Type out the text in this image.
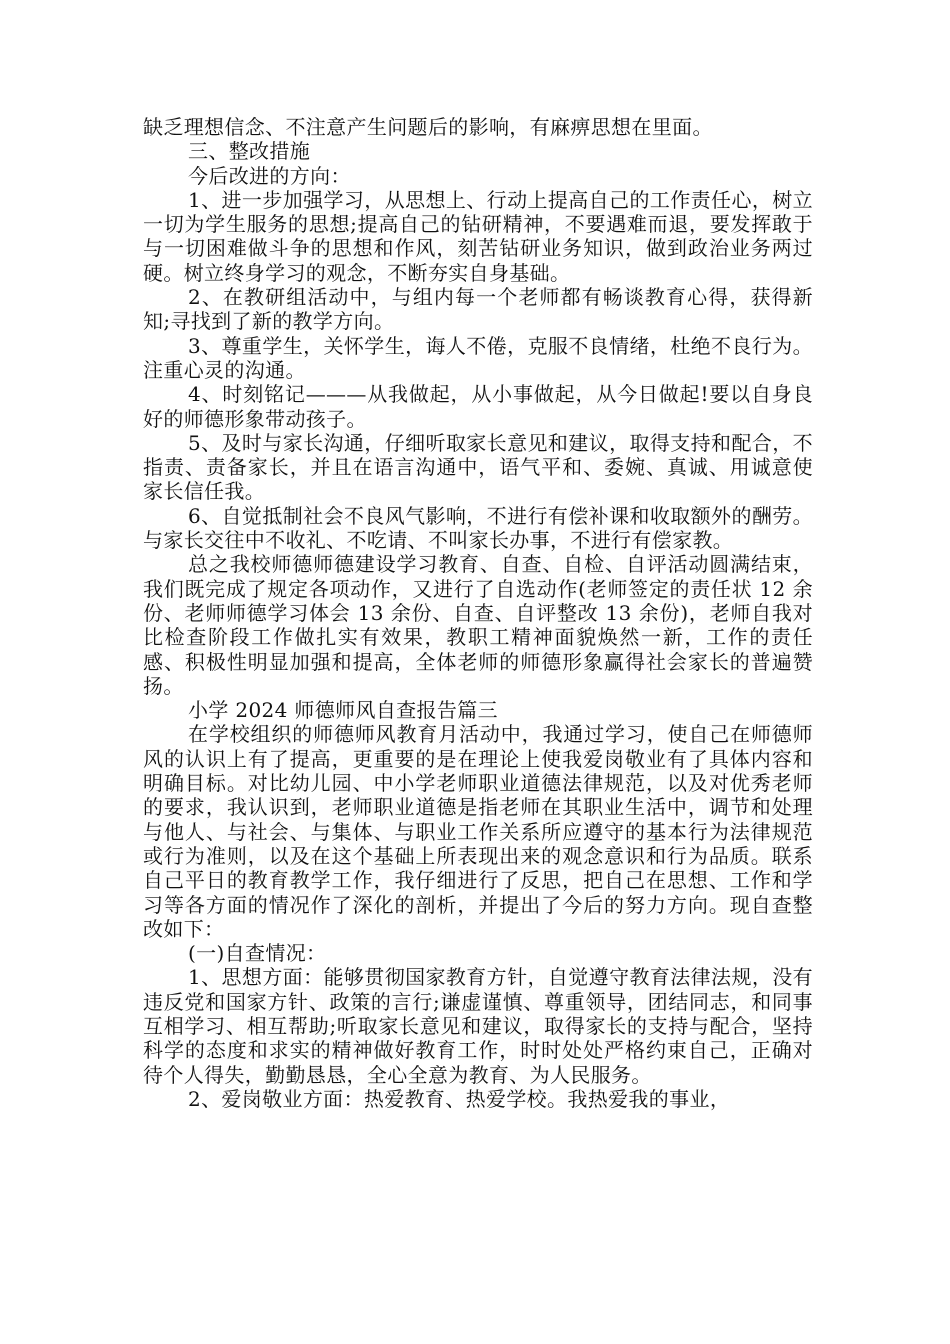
缺乏理想信念、不注意产生问题后的影响，有麻痹思想在里面。

三、整改措施

今后改进的方向：

1、进一步加强学习，从思想上、行动上提高自己的工作责任心，树立一切为学生服务的思想;提高自己的钻研精神，不要遇难而退，要发挥敢于与一切困难做斗争的思想和作风，刻苦钻研业务知识，做到政治业务两过硬。树立终身学习的观念，不断夯实自身基础。

2、在教研组活动中，与组内每一个老师都有畅谈教育心得，获得新知;寻找到了新的教学方向。

3、尊重学生，关怀学生，诲人不倦，克服不良情绪，杜绝不良行为。注重心灵的沟通。

4、时刻铭记———从我做起，从小事做起，从今日做起!要以自身良好的师德形象带动孩子。

5、及时与家长沟通，仔细听取家长意见和建议，取得支持和配合，不指责、责备家长，并且在语言沟通中，语气平和、委婉、真诚、用诚意使家长信任我。

6、自觉抵制社会不良风气影响，不进行有偿补课和收取额外的酬劳。与家长交往中不收礼、不吃请、不叫家长办事，不进行有偿家教。

总之我校师德师德建设学习教育、自查、自检、自评活动圆满结束，我们既完成了规定各项动作，又进行了自选动作(老师签定的责任状 12 余份、老师师德学习体会 13 余份、自查、自评整改 13 余份)，老师自我对比检查阶段工作做扎实有效果，教职工精神面貌焕然一新，工作的责任感、积极性明显加强和提高，全体老师的师德形象赢得社会家长的普遍赞扬。

小学 2024 师德师风自查报告篇三

在学校组织的师德师风教育月活动中，我通过学习，使自己在师德师风的认识上有了提高，更重要的是在理论上使我爱岗敬业有了具体内容和明确目标。对比幼儿园、中小学老师职业道德法律规范，以及对优秀老师的要求，我认识到，老师职业道德是指老师在其职业生活中，调节和处理与他人、与社会、与集体、与职业工作关系所应遵守的基本行为法律规范或行为准则，以及在这个基础上所表现出来的观念意识和行为品质。联系自己平日的教育教学工作，我仔细进行了反思，把自己在思想、工作和学习等各方面的情况作了深化的剖析，并提出了今后的努力方向。现自查整改如下：

(一)自查情况：

1、思想方面：能够贯彻国家教育方针，自觉遵守教育法律法规，没有违反党和国家方针、政策的言行;谦虚谨慎、尊重领导，团结同志，和同事互相学习、相互帮助;听取家长意见和建议，取得家长的支持与配合，坚持科学的态度和求实的精神做好教育工作，时时处处严格约束自己，正确对待个人得失，勤勤恳恳，全心全意为教育、为人民服务。

2、爱岗敬业方面：热爱教育、热爱学校。我热爱我的事业，
